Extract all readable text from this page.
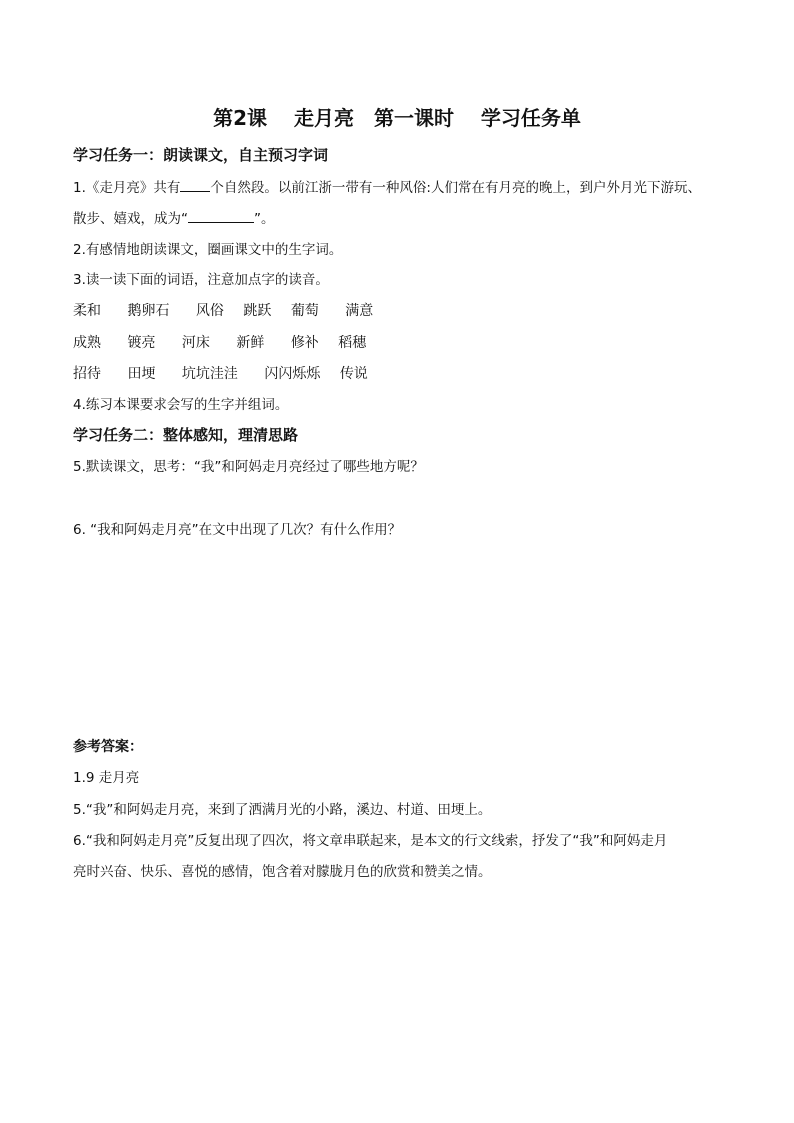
第2课　 走月亮　第一课时　 学习任务单
学习任务一：朗读课文，自主预习字词
1.《走月亮》共有 个自然段。以前江浙一带有一种风俗:人们常在有月亮的晚上，到户外月光下游玩、
散步、嬉戏，成为“	”。
2.有感情地朗读课文，圈画课文中的生字词。
3.读一读下面的词语，注意加点字的读音。
柔和 鹅卵石 风俗 跳跃 葡萄 满意
成熟 镀亮 河床 新鲜 修补 稻穗
招待 田埂 坑坑洼洼 闪闪烁烁 传说
4.练习本课要求会写的生字并组词。
学习任务二：整体感知，理清思路
5.默读课文，思考：“我”和阿妈走月亮经过了哪些地方呢？
6. “我和阿妈走月亮”在文中出现了几次？有什么作用？
参考答案：
1.9 走月亮
5.“我”和阿妈走月亮，来到了洒满月光的小路，溪边、村道、田埂上。
6.“我和阿妈走月亮”反复出现了四次，将文章串联起来，是本文的行文线索，抒发了“我”和阿妈走月
亮时兴奋、快乐、喜悦的感情，饱含着对朦胧月色的欣赏和赞美之情。
